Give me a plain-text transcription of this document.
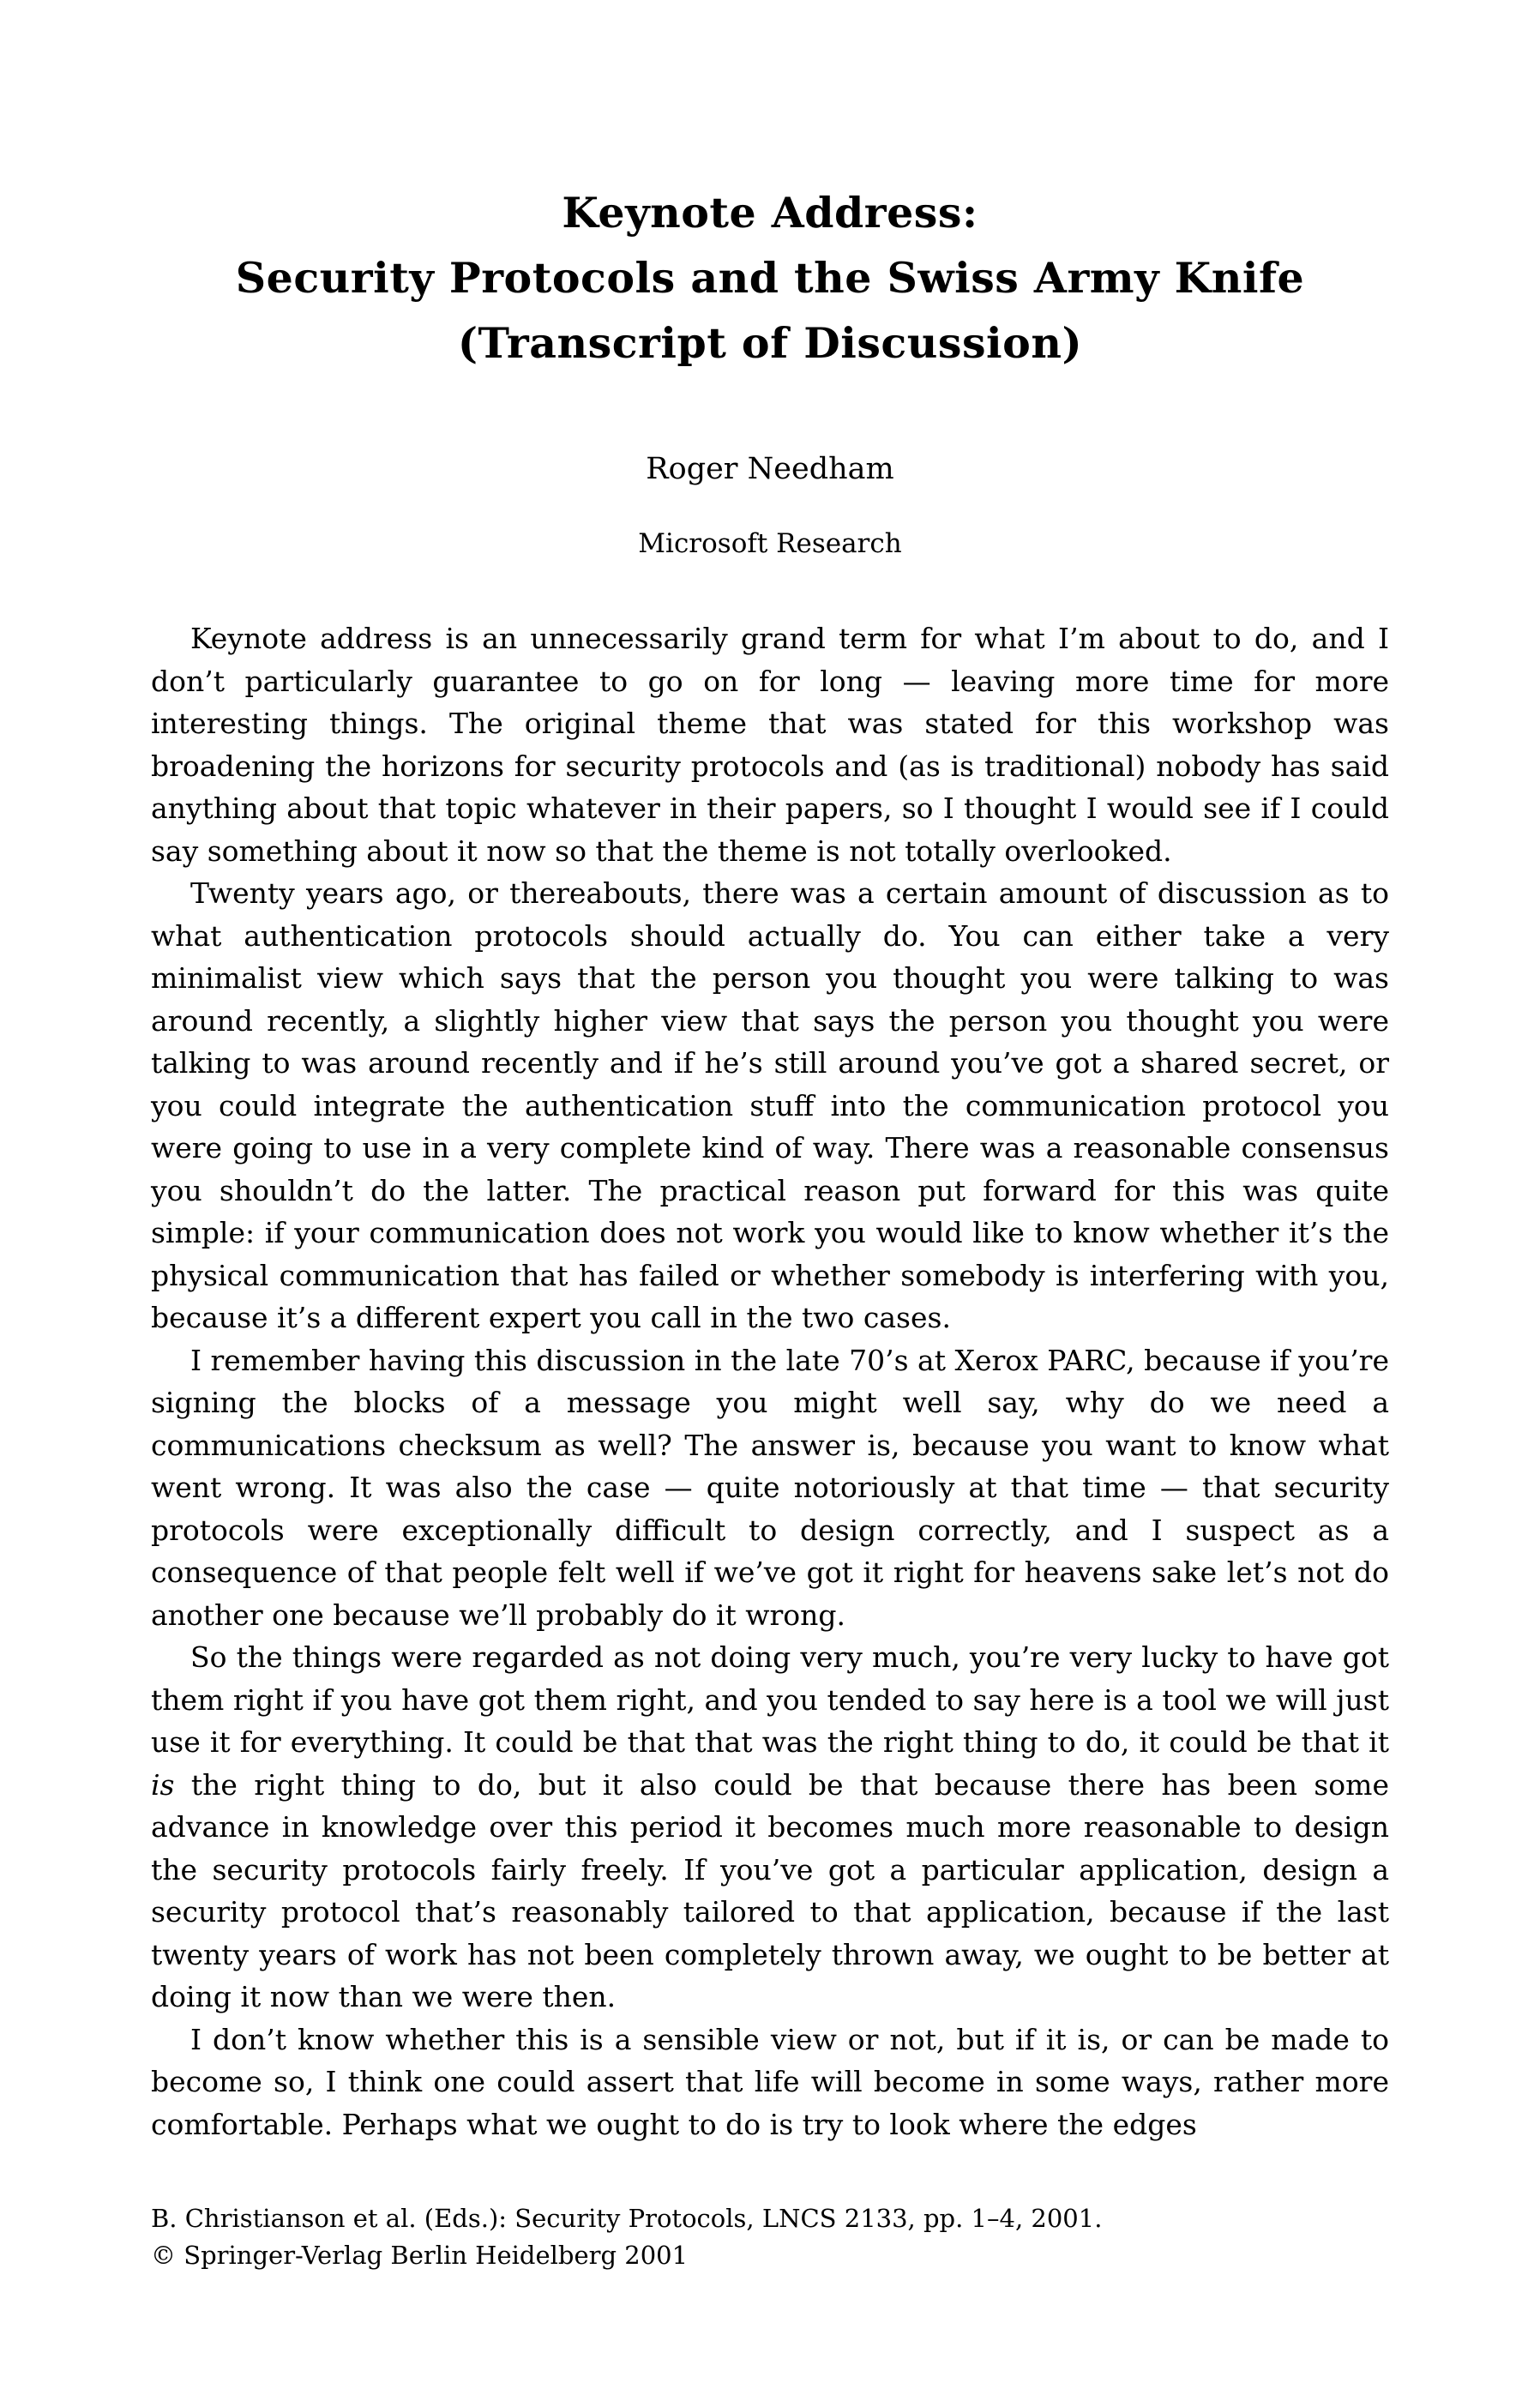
Keynote Address:
Security Protocols and the Swiss Army Knife
(Transcript of Discussion)
Roger Needham
Microsoft Research

Keynote address is an unnecessarily grand term for what I’m about to do, and I don’t particularly guarantee to go on for long — leaving more time for more interesting things. The original theme that was stated for this workshop was broadening the horizons for security protocols and (as is traditional) nobody has said anything about that topic whatever in their papers, so I thought I would see if I could say something about it now so that the theme is not totally overlooked.

Twenty years ago, or thereabouts, there was a certain amount of discussion as to what authentication protocols should actually do. You can either take a very minimalist view which says that the person you thought you were talking to was around recently, a slightly higher view that says the person you thought you were talking to was around recently and if he’s still around you’ve got a shared secret, or you could integrate the authentication stuff into the communication protocol you were going to use in a very complete kind of way. There was a reasonable consensus you shouldn’t do the latter. The practical reason put forward for this was quite simple: if your communication does not work you would like to know whether it’s the physical communication that has failed or whether somebody is interfering with you, because it’s a different expert you call in the two cases.

I remember having this discussion in the late 70’s at Xerox PARC, because if you’re signing the blocks of a message you might well say, why do we need a communications checksum as well? The answer is, because you want to know what went wrong. It was also the case — quite notoriously at that time — that security protocols were exceptionally difficult to design correctly, and I suspect as a consequence of that people felt well if we’ve got it right for heavens sake let’s not do another one because we’ll probably do it wrong.

So the things were regarded as not doing very much, you’re very lucky to have got them right if you have got them right, and you tended to say here is a tool we will just use it for everything. It could be that that was the right thing to do, it could be that it is the right thing to do, but it also could be that because there has been some advance in knowledge over this period it becomes much more reasonable to design the security protocols fairly freely. If you’ve got a particular application, design a security protocol that’s reasonably tailored to that application, because if the last twenty years of work has not been completely thrown away, we ought to be better at doing it now than we were then.

I don’t know whether this is a sensible view or not, but if it is, or can be made to become so, I think one could assert that life will become in some ways, rather more comfortable. Perhaps what we ought to do is try to look where the edges

B. Christianson et al. (Eds.): Security Protocols, LNCS 2133, pp. 1–4, 2001.
© Springer-Verlag Berlin Heidelberg 2001
